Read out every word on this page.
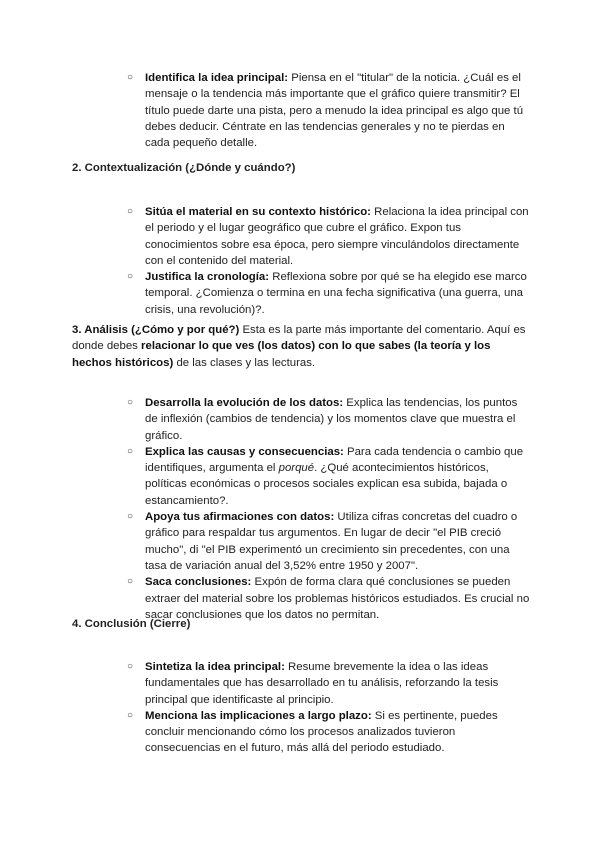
○ Identifica la idea principal: Piensa en el "titular" de la noticia. ¿Cuál es el mensaje o la tendencia más importante que el gráfico quiere transmitir? El título puede darte una pista, pero a menudo la idea principal es algo que tú debes deducir. Céntrate en las tendencias generales y no te pierdas en cada pequeño detalle.
2. Contextualización (¿Dónde y cuándo?)
○ Sitúa el material en su contexto histórico: Relaciona la idea principal con el periodo y el lugar geográfico que cubre el gráfico. Expon tus conocimientos sobre esa época, pero siempre vinculándolos directamente con el contenido del material.
○ Justifica la cronología: Reflexiona sobre por qué se ha elegido ese marco temporal. ¿Comienza o termina en una fecha significativa (una guerra, una crisis, una revolución)?.
3. Análisis (¿Cómo y por qué?) Esta es la parte más importante del comentario. Aquí es donde debes relacionar lo que ves (los datos) con lo que sabes (la teoría y los hechos históricos) de las clases y las lecturas.
○ Desarrolla la evolución de los datos: Explica las tendencias, los puntos de inflexión (cambios de tendencia) y los momentos clave que muestra el gráfico.
○ Explica las causas y consecuencias: Para cada tendencia o cambio que identifiques, argumenta el porqué. ¿Qué acontecimientos históricos, políticas económicas o procesos sociales explican esa subida, bajada o estancamiento?.
○ Apoya tus afirmaciones con datos: Utiliza cifras concretas del cuadro o gráfico para respaldar tus argumentos. En lugar de decir "el PIB creció mucho", di "el PIB experimentó un crecimiento sin precedentes, con una tasa de variación anual del 3,52% entre 1950 y 2007".
○ Saca conclusiones: Expón de forma clara qué conclusiones se pueden extraer del material sobre los problemas históricos estudiados. Es crucial no sacar conclusiones que los datos no permitan.
4. Conclusión (Cierre)
○ Sintetiza la idea principal: Resume brevemente la idea o las ideas fundamentales que has desarrollado en tu análisis, reforzando la tesis principal que identificaste al principio.
○ Menciona las implicaciones a largo plazo: Si es pertinente, puedes concluir mencionando cómo los procesos analizados tuvieron consecuencias en el futuro, más allá del periodo estudiado.
